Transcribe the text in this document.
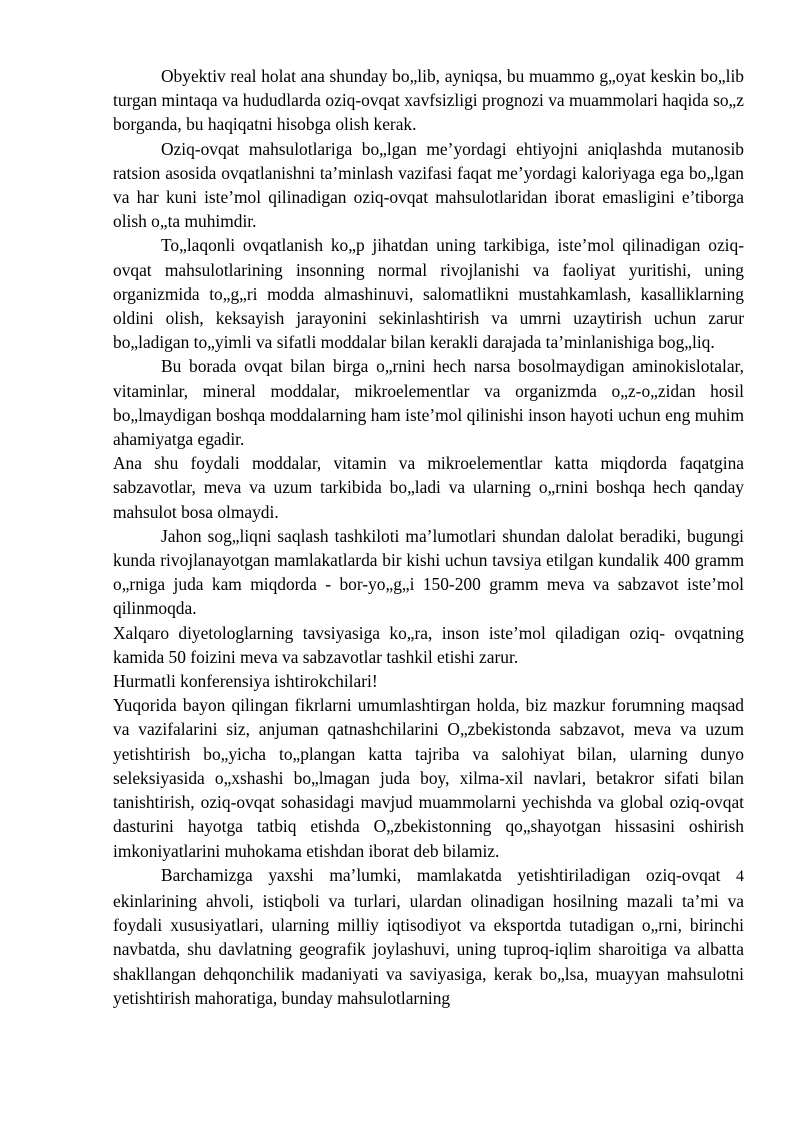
Obyektiv real holat ana shunday bo„lib, ayniqsa, bu muammo g„oyat keskin bo„lib turgan mintaqa va hududlarda oziq-ovqat xavfsizligi prognozi va muammolari haqida so„z borganda, bu haqiqatni hisobga olish kerak.

Oziq-ovqat mahsulotlariga bo„lgan me’yordagi ehtiyojni aniqlashda mutanosib ratsion asosida ovqatlanishni ta’minlash vazifasi faqat me’yordagi kaloriyaga ega bo„lgan va har kuni iste’mol qilinadigan oziq-ovqat mahsulotlaridan iborat emasligini e’tiborga olish o„ta muhimdir.

To„laqonli ovqatlanish ko„p jihatdan uning tarkibiga, iste’mol qilinadigan oziq-ovqat mahsulotlarining insonning normal rivojlanishi va faoliyat yuritishi, uning organizmida to„g„ri modda almashinuvi, salomatlikni mustahkamlash, kasalliklarning oldini olish, keksayish jarayonini sekinlashtirish va umrni uzaytirish uchun zarur bo„ladigan to„yimli va sifatli moddalar bilan kerakli darajada ta’minlanishiga bog„liq.

Bu borada ovqat bilan birga o„rnini hech narsa bosolmaydigan aminokislotalar, vitaminlar, mineral moddalar, mikroelementlar va organizmda o„z-o„zidan hosil bo„lmaydigan boshqa moddalarning ham iste’mol qilinishi inson hayoti uchun eng muhim ahamiyatga egadir.

Ana shu foydali moddalar, vitamin va mikroelementlar katta miqdorda faqatgina sabzavotlar, meva va uzum tarkibida bo„ladi va ularning o„rnini boshqa hech qanday mahsulot bosa olmaydi.

Jahon sog„liqni saqlash tashkiloti ma’lumotlari shundan dalolat beradiki, bugungi kunda rivojlanayotgan mamlakatlarda bir kishi uchun tavsiya etilgan kundalik 400 gramm o„rniga juda kam miqdorda - bor-yo„g„i 150-200 gramm meva va sabzavot iste’mol qilinmoqda.

Xalqaro diyetologlarning tavsiyasiga ko„ra, inson iste’mol qiladigan oziq- ovqatning kamida 50 foizini meva va sabzavotlar tashkil etishi zarur.

Hurmatli konferensiya ishtirokchilari!

Yuqorida bayon qilingan fikrlarni umumlashtirgan holda, biz mazkur forumning maqsad va vazifalarini siz, anjuman qatnashchilarini O„zbekistonda sabzavot, meva va uzum yetishtirish bo„yicha to„plangan katta tajriba va salohiyat bilan, ularning dunyo seleksiyasida o„xshashi bo„lmagan juda boy, xilma-xil navlari, betakror sifati bilan tanishtirish, oziq-ovqat sohasidagi mavjud muammolarni yechishda va global oziq-ovqat dasturini hayotga tatbiq etishda O„zbekistonning qo„shayotgan hissasini oshirish imkoniyatlarini muhokama etishdan iborat deb bilamiz.

Barchamizga yaxshi ma’lumki, mamlakatda yetishtiriladigan oziq-ovqat 4 ekinlarining ahvoli, istiqboli va turlari, ulardan olinadigan hosilning mazali ta’mi va foydali xususiyatlari, ularning milliy iqtisodiyot va eksportda tutadigan o„rni, birinchi navbatda, shu davlatning geografik joylashuvi, uning tuproq-iqlim sharoitiga va albatta shakllangan dehqonchilik madaniyati va saviyasiga, kerak bo„lsa, muayyan mahsulotni yetishtirish mahoratiga, bunday mahsulotlarning
